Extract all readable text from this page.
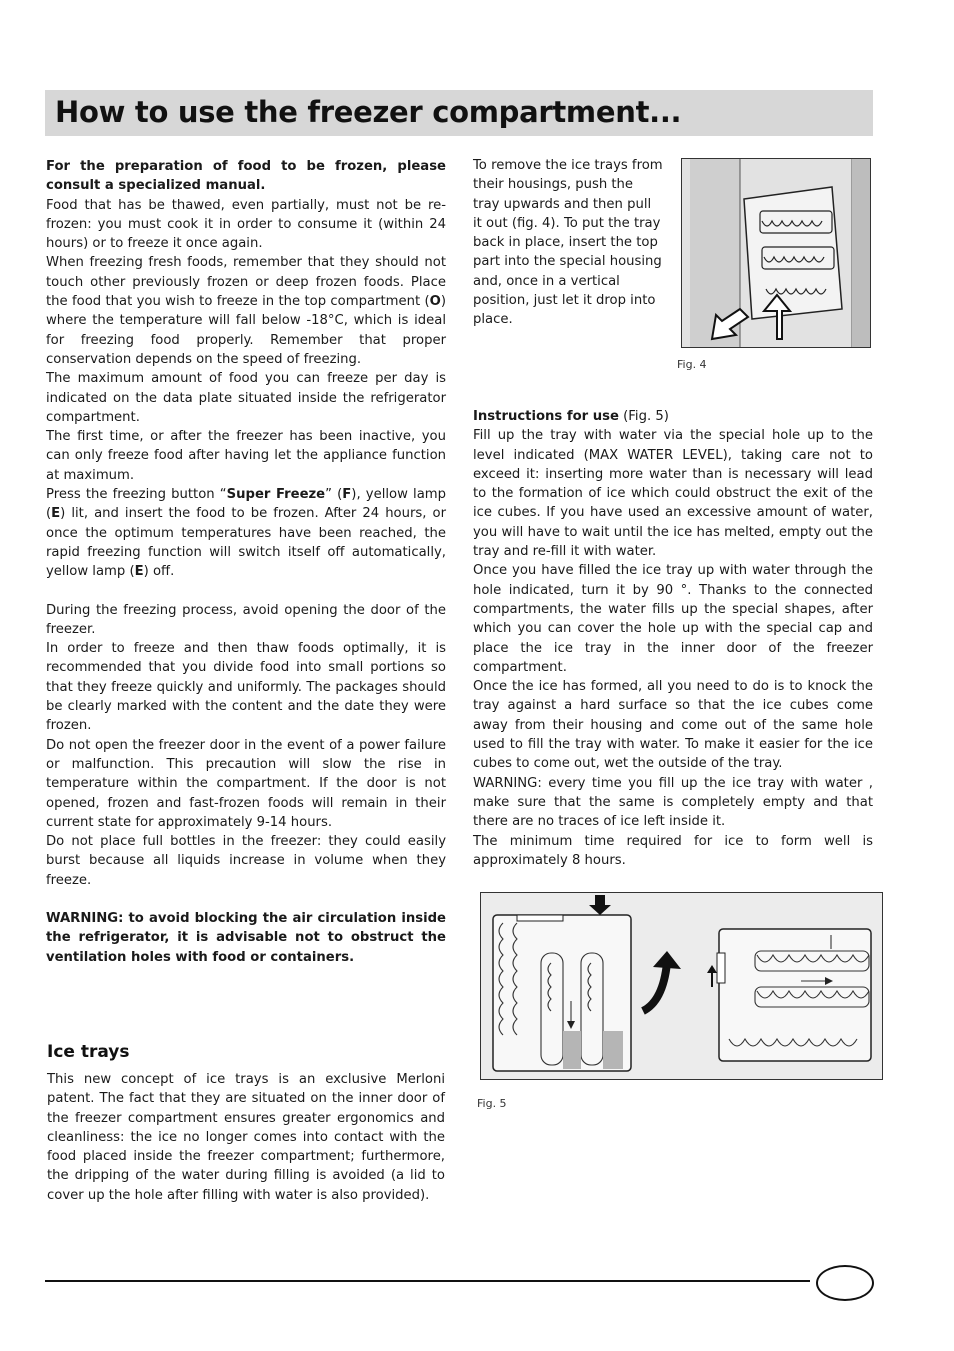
How to use the freezer compartment...

For the preparation of food to be frozen, please consult a specialized manual.

Food that has be thawed, even partially, must not be re-frozen: you must cook it in order to consume it (within 24 hours) or to freeze it once again.

When freezing fresh foods, remember that they should not touch other previously frozen or deep frozen foods. Place the food that you wish to freeze in the top compartment (O) where the temperature will fall below -18°C, which is ideal for freezing food properly. Remember that proper conservation depends on the speed of freezing.

The maximum amount of food you can freeze per day is indicated on the data plate situated inside the refrigerator compartment.

The first time, or after the freezer has been inactive, you can only freeze food after having let the appliance function at maximum.

Press the freezing button “Super Freeze” (F), yellow lamp (E) lit, and insert the food to be frozen. After 24 hours, or once the optimum temperatures have been reached, the rapid freezing function will switch itself off automatically, yellow lamp (E) off.

During the freezing process, avoid opening the door of the freezer.

In order to freeze and then thaw foods optimally, it is recommended that you divide food into small portions so that they freeze quickly and uniformly. The packages should be clearly marked with the content and the date they were frozen.

Do not open the freezer door in the event of a power failure or malfunction. This precaution will slow the rise in temperature within the compartment. If the door is not opened, frozen and fast-frozen foods will remain in their current state for approximately 9-14 hours.

Do not place full bottles in the freezer: they could easily burst because all liquids increase in volume when they freeze.

WARNING: to avoid blocking the air circulation inside the refrigerator, it is advisable not to obstruct the ventilation holes with food or containers.

Ice trays

This new concept of ice trays is an exclusive Merloni patent. The fact that they are situated on the inner door of the freezer compartment ensures greater ergonomics and cleanliness: the ice no longer comes into contact with the food placed inside the freezer compartment; furthermore, the dripping of the water during filling is avoided (a lid to cover up the hole after filling with water is also provided).

To remove the ice trays from their housings, push the tray upwards and then pull it out (fig. 4). To put the tray back in place, insert the top part into the special housing and, once in a vertical position, just let it drop into place.

Fig. 4

Instructions for use (Fig. 5)

Fill up the tray with water via the special hole up to the level indicated (MAX WATER LEVEL), taking care not to exceed it: inserting more water than is necessary will lead to the formation of ice which could obstruct the exit of the ice cubes. If you have used an excessive amount of water, you will have to wait until the ice has melted, empty out the tray and re-fill it with water.

Once you have filled the ice tray up with water through the hole indicated, turn it by 90 °. Thanks to the connected compartments, the water fills up the special shapes, after which you can cover the hole up with the special cap and place the ice tray in the inner door of the freezer compartment.

Once the ice has formed, all you need to do is to knock the tray against a hard surface so that the ice cubes come away from their housing and come out of the same hole used to fill the tray with water. To make it easier for the ice cubes to come out, wet the outside of the tray.

WARNING: every time you fill up the ice tray with water , make sure that the same is completely empty and that there are no traces of ice left inside it.

The minimum time required for ice to form well is approximately 8 hours.

Fig. 5
